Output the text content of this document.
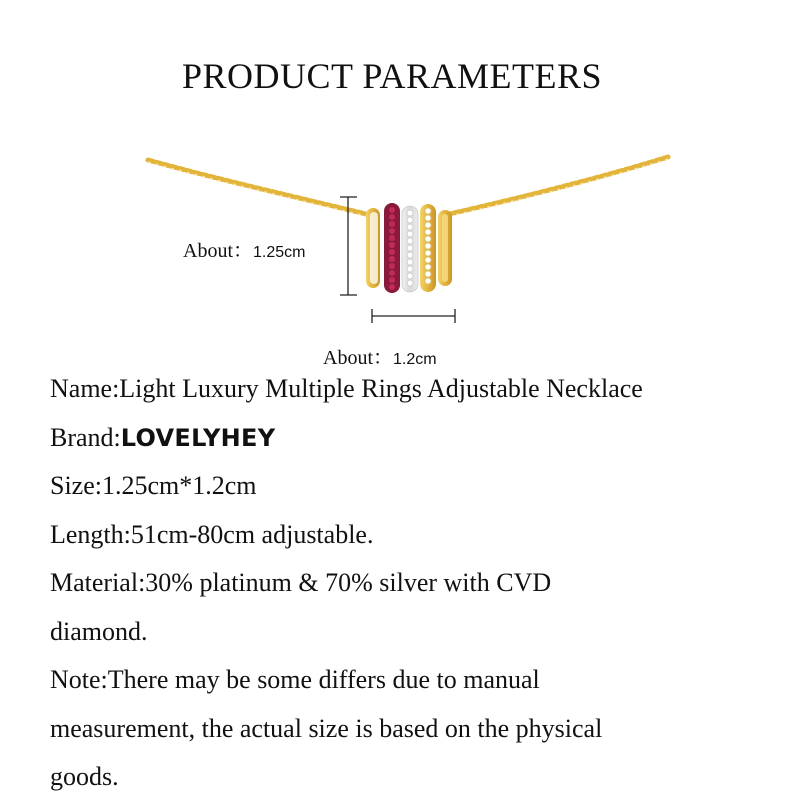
PRODUCT PARAMETERS
About：1.25cm
About：1.2cm

Name:Light Luxury Multiple Rings Adjustable Necklace

Brand:LOVELYHEY

Size:1.25cm*1.2cm

Length:51cm-80cm adjustable.

Material:30% platinum & 70% silver with CVD

diamond.

Note:There may be some differs due to manual

measurement, the actual size is based on the physical

goods.
